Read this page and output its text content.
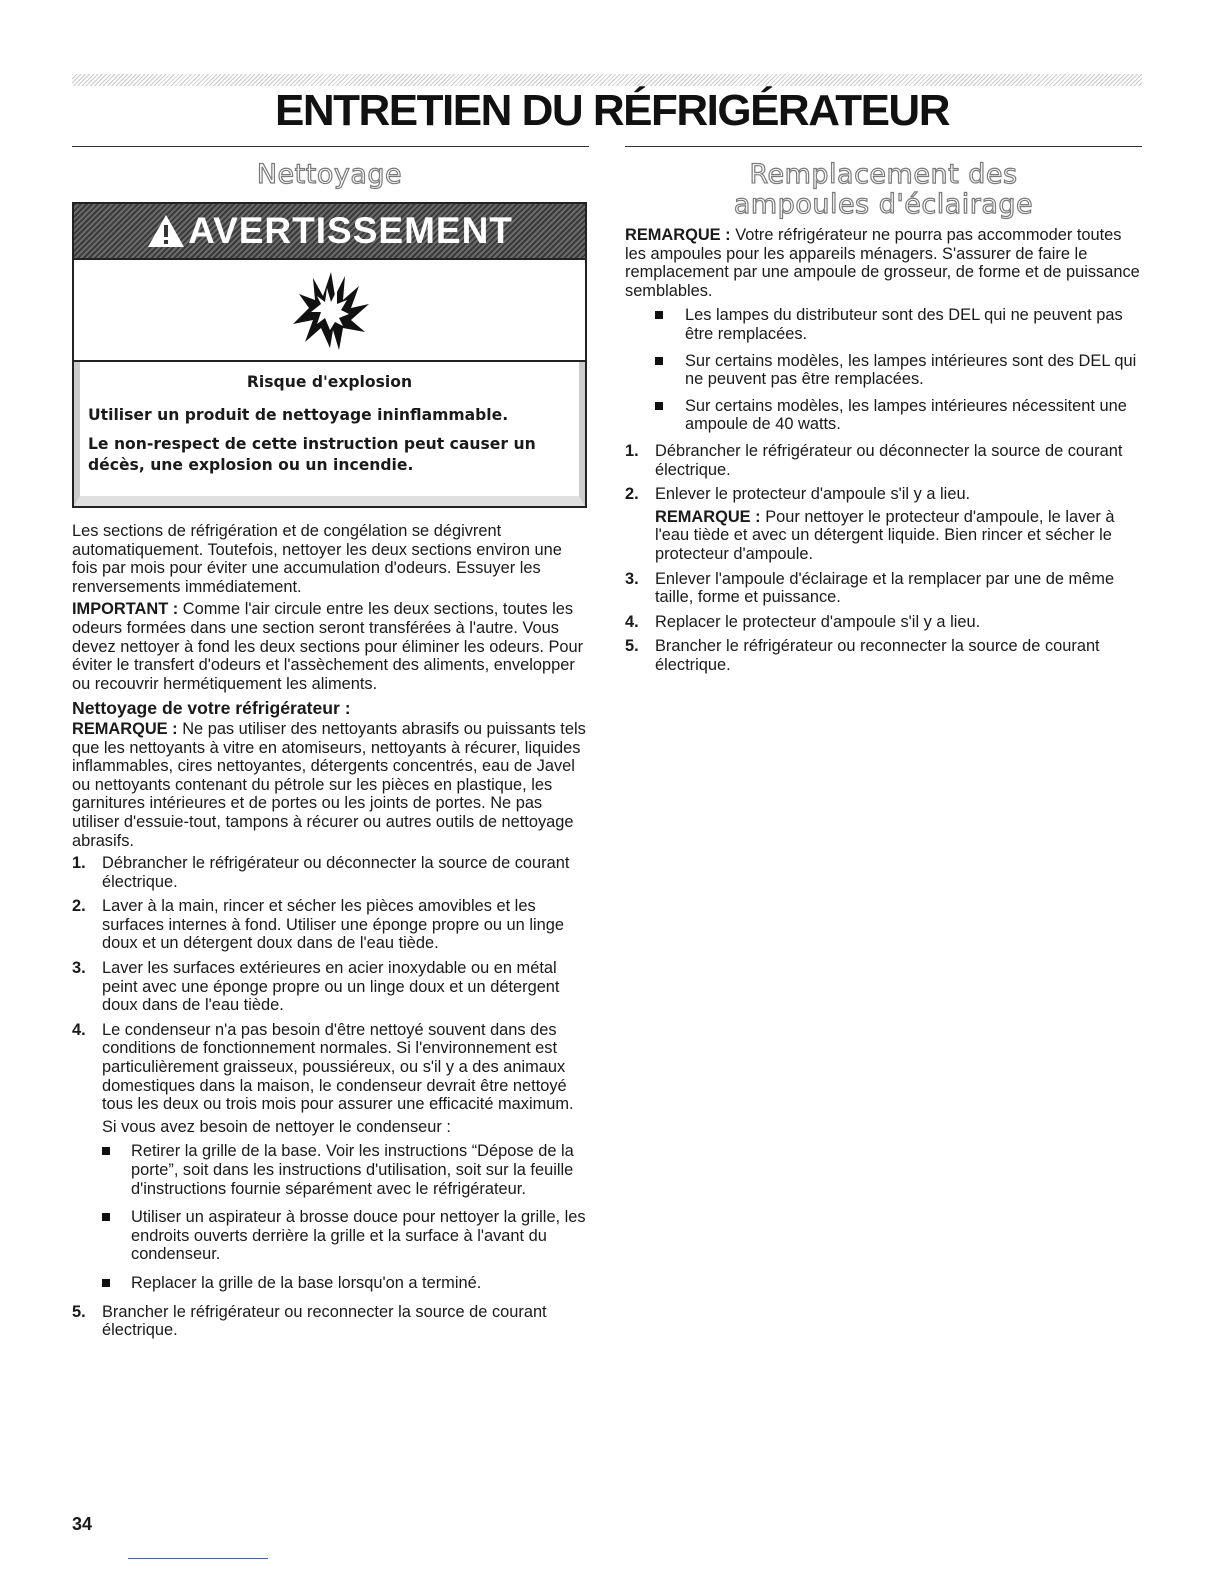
ENTRETIEN DU RÉFRIGÉRATEUR
Nettoyage
AVERTISSEMENT
Risque d'explosion

Utiliser un produit de nettoyage ininflammable.

Le non-respect de cette instruction peut causer un décès, une explosion ou un incendie.

Les sections de réfrigération et de congélation se dégivrent automatiquement. Toutefois, nettoyer les deux sections environ une fois par mois pour éviter une accumulation d'odeurs. Essuyer les renversements immédiatement.

IMPORTANT : Comme l'air circule entre les deux sections, toutes les odeurs formées dans une section seront transférées à l'autre. Vous devez nettoyer à fond les deux sections pour éliminer les odeurs. Pour éviter le transfert d'odeurs et l'assèchement des aliments, envelopper ou recouvrir hermétiquement les aliments.

Nettoyage de votre réfrigérateur :

REMARQUE : Ne pas utiliser des nettoyants abrasifs ou puissants tels que les nettoyants à vitre en atomiseurs, nettoyants à récurer, liquides inflammables, cires nettoyantes, détergents concentrés, eau de Javel ou nettoyants contenant du pétrole sur les pièces en plastique, les garnitures intérieures et de portes ou les joints de portes. Ne pas utiliser d'essuie-tout, tampons à récurer ou autres outils de nettoyage abrasifs.

1. Débrancher le réfrigérateur ou déconnecter la source de courant électrique.
2. Laver à la main, rincer et sécher les pièces amovibles et les surfaces internes à fond. Utiliser une éponge propre ou un linge doux et un détergent doux dans de l'eau tiède.
3. Laver les surfaces extérieures en acier inoxydable ou en métal peint avec une éponge propre ou un linge doux et un détergent doux dans de l'eau tiède.
4. Le condenseur n'a pas besoin d'être nettoyé souvent dans des conditions de fonctionnement normales. Si l'environnement est particulièrement graisseux, poussiéreux, ou s'il y a des animaux domestiques dans la maison, le condenseur devrait être nettoyé tous les deux ou trois mois pour assurer une efficacité maximum.
Si vous avez besoin de nettoyer le condenseur :
Retirer la grille de la base. Voir les instructions “Dépose de la porte”, soit dans les instructions d'utilisation, soit sur la feuille d'instructions fournie séparément avec le réfrigérateur.
Utiliser un aspirateur à brosse douce pour nettoyer la grille, les endroits ouverts derrière la grille et la surface à l'avant du condenseur.
Replacer la grille de la base lorsqu'on a terminé.
5. Brancher le réfrigérateur ou reconnecter la source de courant électrique.
Remplacement des
ampoules d'éclairage

REMARQUE : Votre réfrigérateur ne pourra pas accommoder toutes les ampoules pour les appareils ménagers. S'assurer de faire le remplacement par une ampoule de grosseur, de forme et de puissance semblables.

Les lampes du distributeur sont des DEL qui ne peuvent pas être remplacées.
Sur certains modèles, les lampes intérieures sont des DEL qui ne peuvent pas être remplacées.
Sur certains modèles, les lampes intérieures nécessitent une ampoule de 40 watts.
1. Débrancher le réfrigérateur ou déconnecter la source de courant électrique.
2. Enlever le protecteur d'ampoule s'il y a lieu.
REMARQUE : Pour nettoyer le protecteur d'ampoule, le laver à l'eau tiède et avec un détergent liquide. Bien rincer et sécher le protecteur d'ampoule.
3. Enlever l'ampoule d'éclairage et la remplacer par une de même taille, forme et puissance.
4. Replacer le protecteur d'ampoule s'il y a lieu.
5. Brancher le réfrigérateur ou reconnecter la source de courant électrique.
34
